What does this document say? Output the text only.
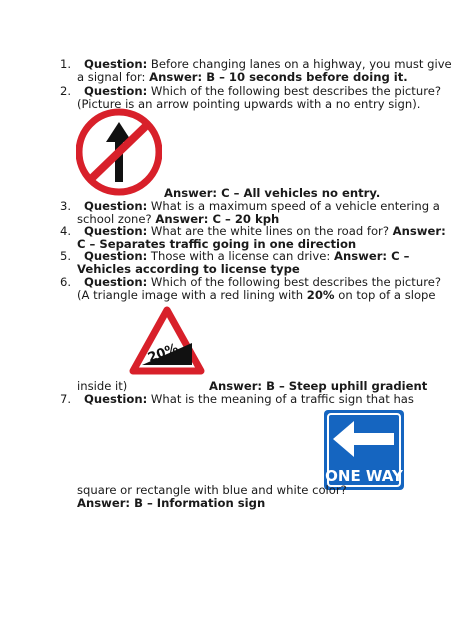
1. Question: Before changing lanes on a highway, you must give
a signal for: Answer: B – 10 seconds before doing it.
2. Question: Which of the following best describes the picture?
(Picture is an arrow pointing upwards with a no entry sign).
Answer: C – All vehicles no entry.
3. Question: What is a maximum speed of a vehicle entering a
school zone? Answer: C – 20 kph
4. Question: What are the white lines on the road for? Answer:
C – Separates traffic going in one direction
5. Question: Those with a license can drive: Answer: C –
Vehicles according to license type
6. Question: Which of the following best describes the picture?
(A triangle image with a red lining with 20% on top of a slope
20%
inside it)	Answer: B – Steep uphill gradient
7. Question: What is the meaning of a traffic sign that has
ONE WAY
square or rectangle with blue and white color?
Answer: B – Information sign
